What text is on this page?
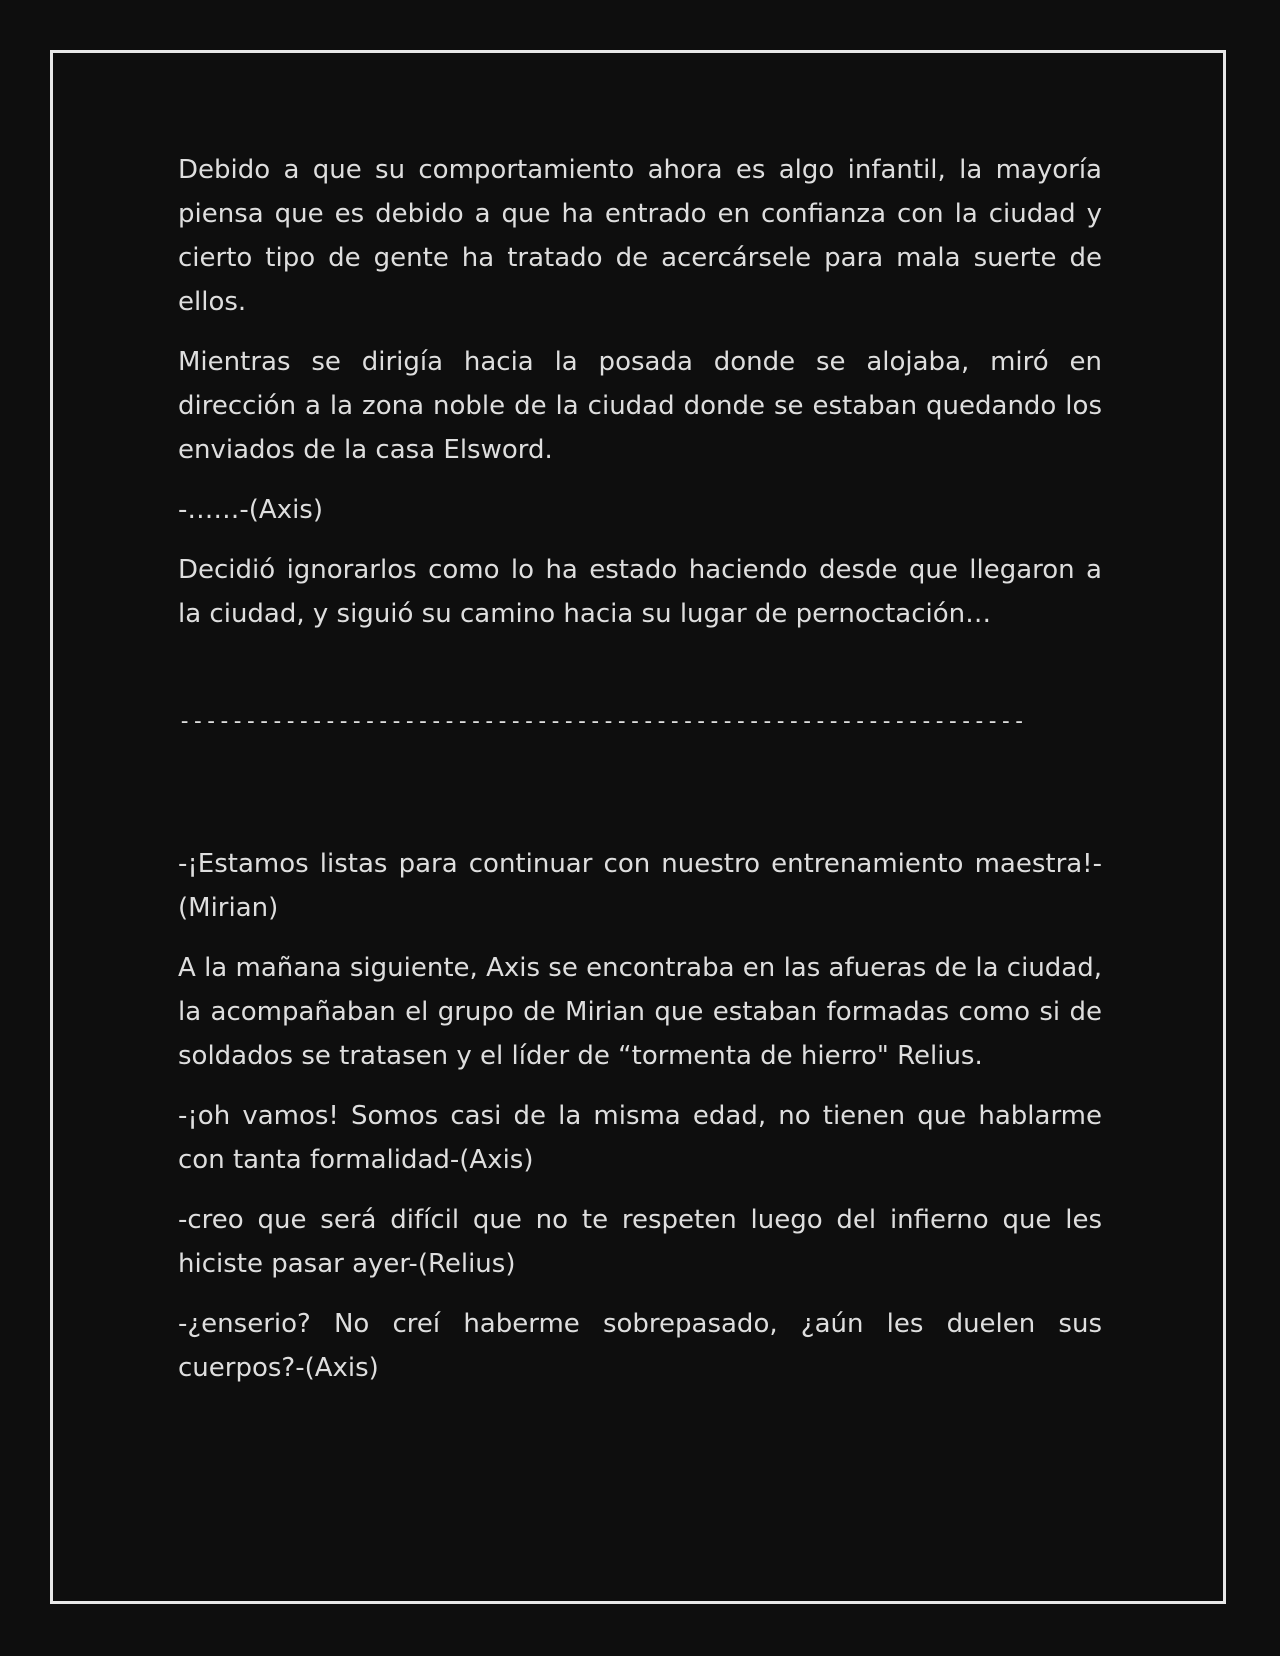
Debido a que su comportamiento ahora es algo infantil, la mayoría piensa que es debido a que ha entrado en confianza con la ciudad y cierto tipo de gente ha tratado de acercársele para mala suerte de ellos.

Mientras se dirigía hacia la posada donde se alojaba, miró en dirección a la zona noble de la ciudad donde se estaban quedando los enviados de la casa Elsword.

-……-(Axis)

Decidió ignorarlos como lo ha estado haciendo desde que llegaron a la ciudad, y siguió su camino hacia su lugar de pernoctación…

----------------------------------------------------------------

-¡Estamos listas para continuar con nuestro entrenamiento maestra!-(Mirian)

A la mañana siguiente, Axis se encontraba en las afueras de la ciudad, la acompañaban el grupo de Mirian que estaban formadas como si de soldados se tratasen y el líder de “tormenta de hierro" Relius.

-¡oh vamos! Somos casi de la misma edad, no tienen que hablarme con tanta formalidad-(Axis)

-creo que será difícil que no te respeten luego del infierno que les hiciste pasar ayer-(Relius)

-¿enserio? No creí haberme sobrepasado, ¿aún les duelen sus cuerpos?-(Axis)
